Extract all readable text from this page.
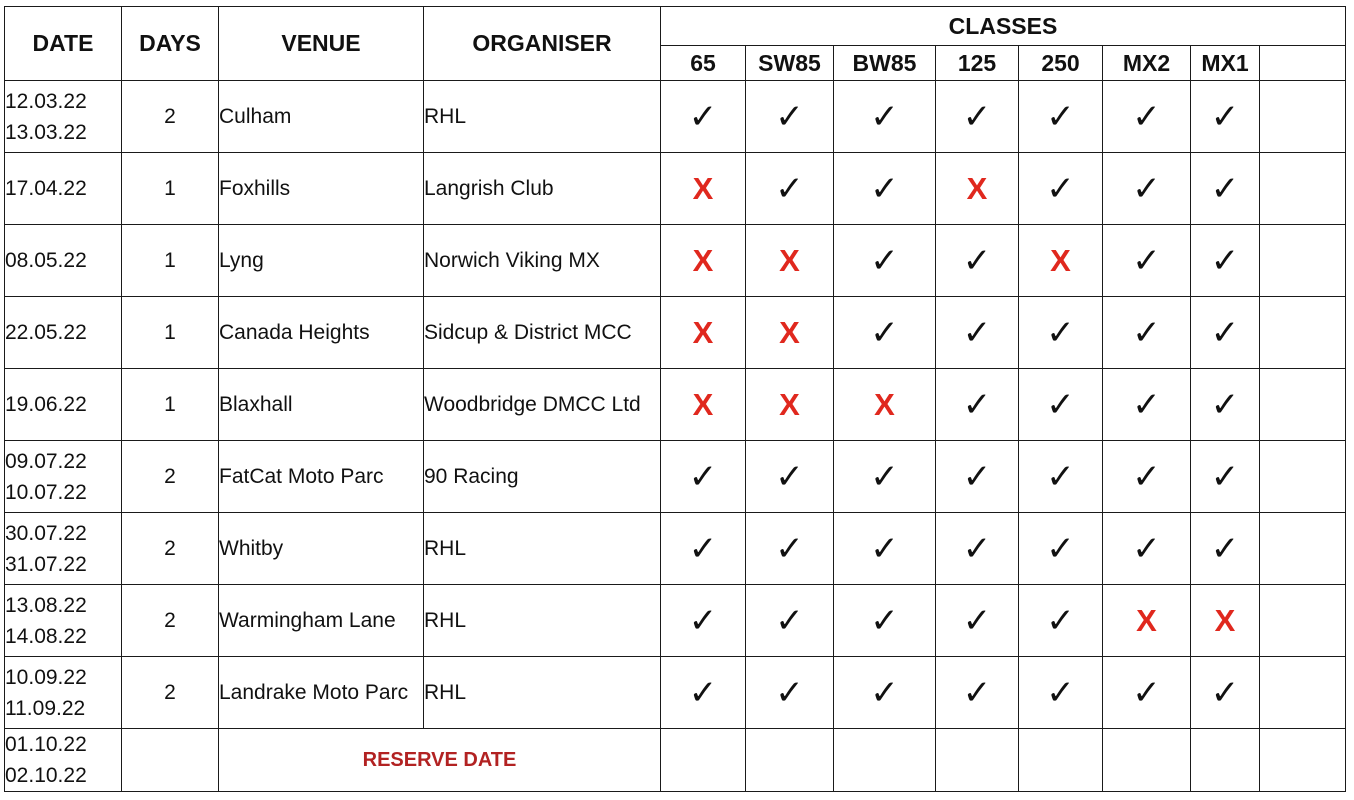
DATE	DAYS	VENUE	ORGANISER	CLASSES							
				65	SW85	BW85	125	250	MX2	MX1	

12.03.22
13.03.22	2	Culham	RHL	✓	✓	✓	✓	✓	✓	✓	

17.04.22	1	Foxhills	Langrish Club	X	✓	✓	X	✓	✓	✓	

08.05.22	1	Lyng	Norwich Viking MX	X	X	✓	✓	X	✓	✓	

22.05.22	1	Canada Heights	Sidcup & District MCC	X	X	✓	✓	✓	✓	✓	

19.06.22	1	Blaxhall	Woodbridge DMCC Ltd	X	X	X	✓	✓	✓	✓	

09.07.22
10.07.22	2	FatCat Moto Parc	90 Racing	✓	✓	✓	✓	✓	✓	✓	

30.07.22
31.07.22	2	Whitby	RHL	✓	✓	✓	✓	✓	✓	✓	

13.08.22
14.08.22	2	Warmingham Lane	RHL	✓	✓	✓	✓	✓	X	X	

10.09.22
11.09.22	2	Landrake Moto Parc	RHL	✓	✓	✓	✓	✓	✓	✓	

01.10.22
02.10.22		RESERVE DATE									
